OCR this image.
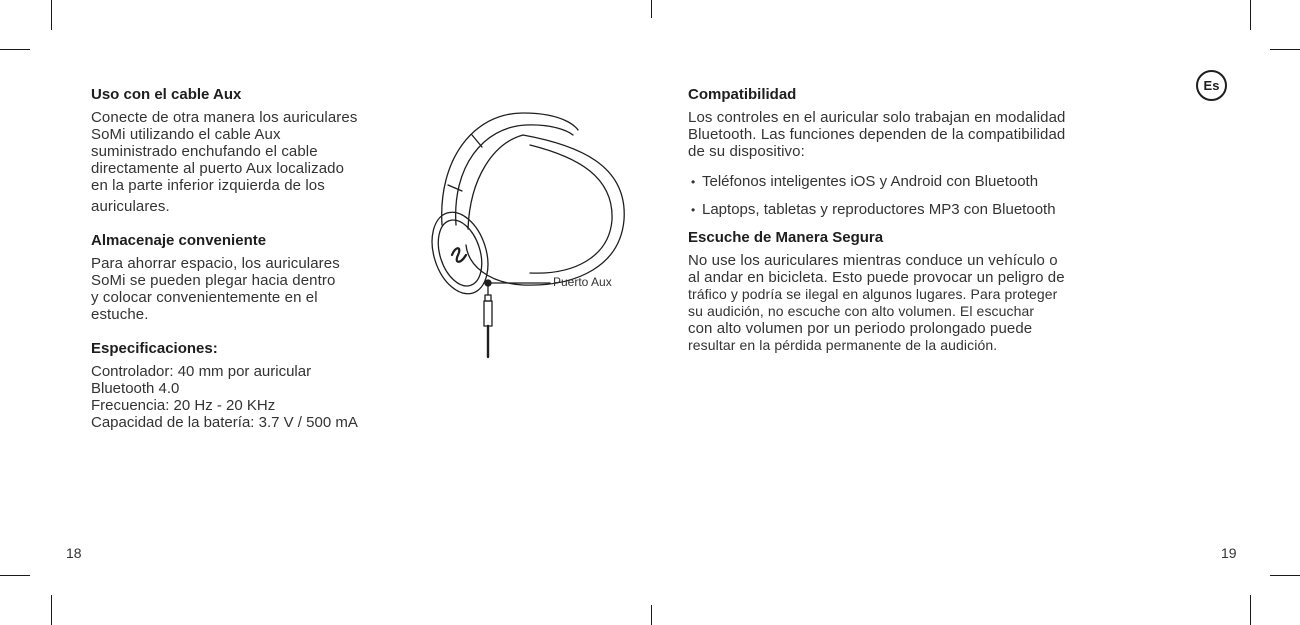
Uso con el cable Aux

Conecte de otra manera los auriculares
SoMi utilizando el cable Aux
suministrado enchufando el cable
directamente al puerto Aux localizado
en la parte inferior izquierda de los
auriculares.

Almacenaje conveniente

Para ahorrar espacio, los auriculares
SoMi se pueden plegar hacia dentro
y colocar convenientemente en el
estuche.

Especificaciones:
Controlador: 40 mm por auricular
Bluetooth 4.0
Frecuencia: 20 Hz - 20 KHz
Capacidad de la batería: 3.7 V / 500 mA
Puerto Aux
18
Es
Compatibilidad

Los controles en el auricular solo trabajan en modalidad
Bluetooth. Las funciones dependen de la compatibilidad
de su dispositivo:

• Teléfonos inteligentes iOS y Android con Bluetooth
• Laptops, tabletas y reproductores MP3 con Bluetooth
Escuche de Manera Segura

No use los auriculares mientras conduce un vehículo o
al andar en bicicleta. Esto puede provocar un peligro de
tráfico y podría se ilegal en algunos lugares. Para proteger
su audición, no escuche con alto volumen. El escuchar
con alto volumen por un periodo prolongado puede
resultar en la pérdida permanente de la audición.

19
